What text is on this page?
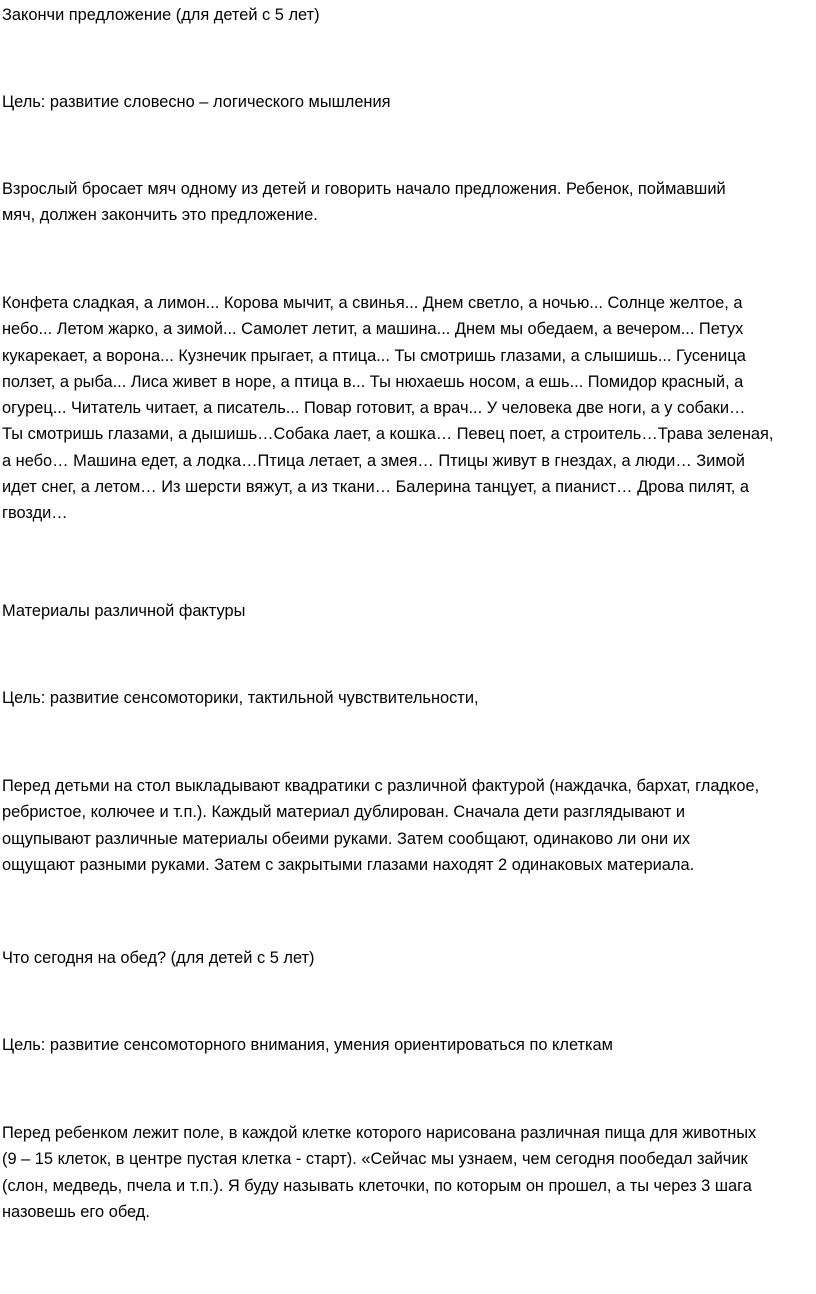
Закончи предложение (для детей с 5 лет)

Цель: развитие словесно – логического мышления

Взрослый бросает мяч одному из детей и говорить начало предложения. Ребенок, поймавший
мяч, должен закончить это предложение.

Конфета сладкая, а лимон... Корова мычит, а свинья... Днем светло, а ночью... Солнце желтое, а
небо... Летом жарко, а зимой... Самолет летит, а машина... Днем мы обедаем, а вечером... Петух
кукарекает, а ворона... Кузнечик прыгает, а птица... Ты смотришь глазами, а слышишь... Гусеница
ползет, а рыба... Лиса живет в норе, а птица в... Ты нюхаешь носом, а ешь... Помидор красный, а
огурец... Читатель читает, а писатель... Повар готовит, а врач... У человека две ноги, а у собаки…
Ты смотришь глазами, а дышишь…Собака лает, а кошка… Певец поет, а строитель…Трава зеленая,
а небо… Машина едет, а лодка…Птица летает, а змея… Птицы живут в гнездах, а люди… Зимой
идет снег, а летом… Из шерсти вяжут, а из ткани… Балерина танцует, а пианист… Дрова пилят, а
гвозди…

Материалы различной фактуры

Цель: развитие сенсомоторики, тактильной чувствительности,

Перед детьми на стол выкладывают квадратики с различной фактурой (наждачка, бархат, гладкое,
ребристое, колючее и т.п.). Каждый материал дублирован. Сначала дети разглядывают и
ощупывают различные материалы обеими руками. Затем сообщают, одинаково ли они их
ощущают разными руками. Затем с закрытыми глазами находят 2 одинаковых материала.

Что сегодня на обед? (для детей с 5 лет)

Цель: развитие сенсомоторного внимания, умения ориентироваться по клеткам

Перед ребенком лежит поле, в каждой клетке которого нарисована различная пища для животных
(9 – 15 клеток, в центре пустая клетка - старт). «Сейчас мы узнаем, чем сегодня пообедал зайчик
(слон, медведь, пчела и т.п.). Я буду называть клеточки, по которым он прошел, а ты через 3 шага
назовешь его обед.
